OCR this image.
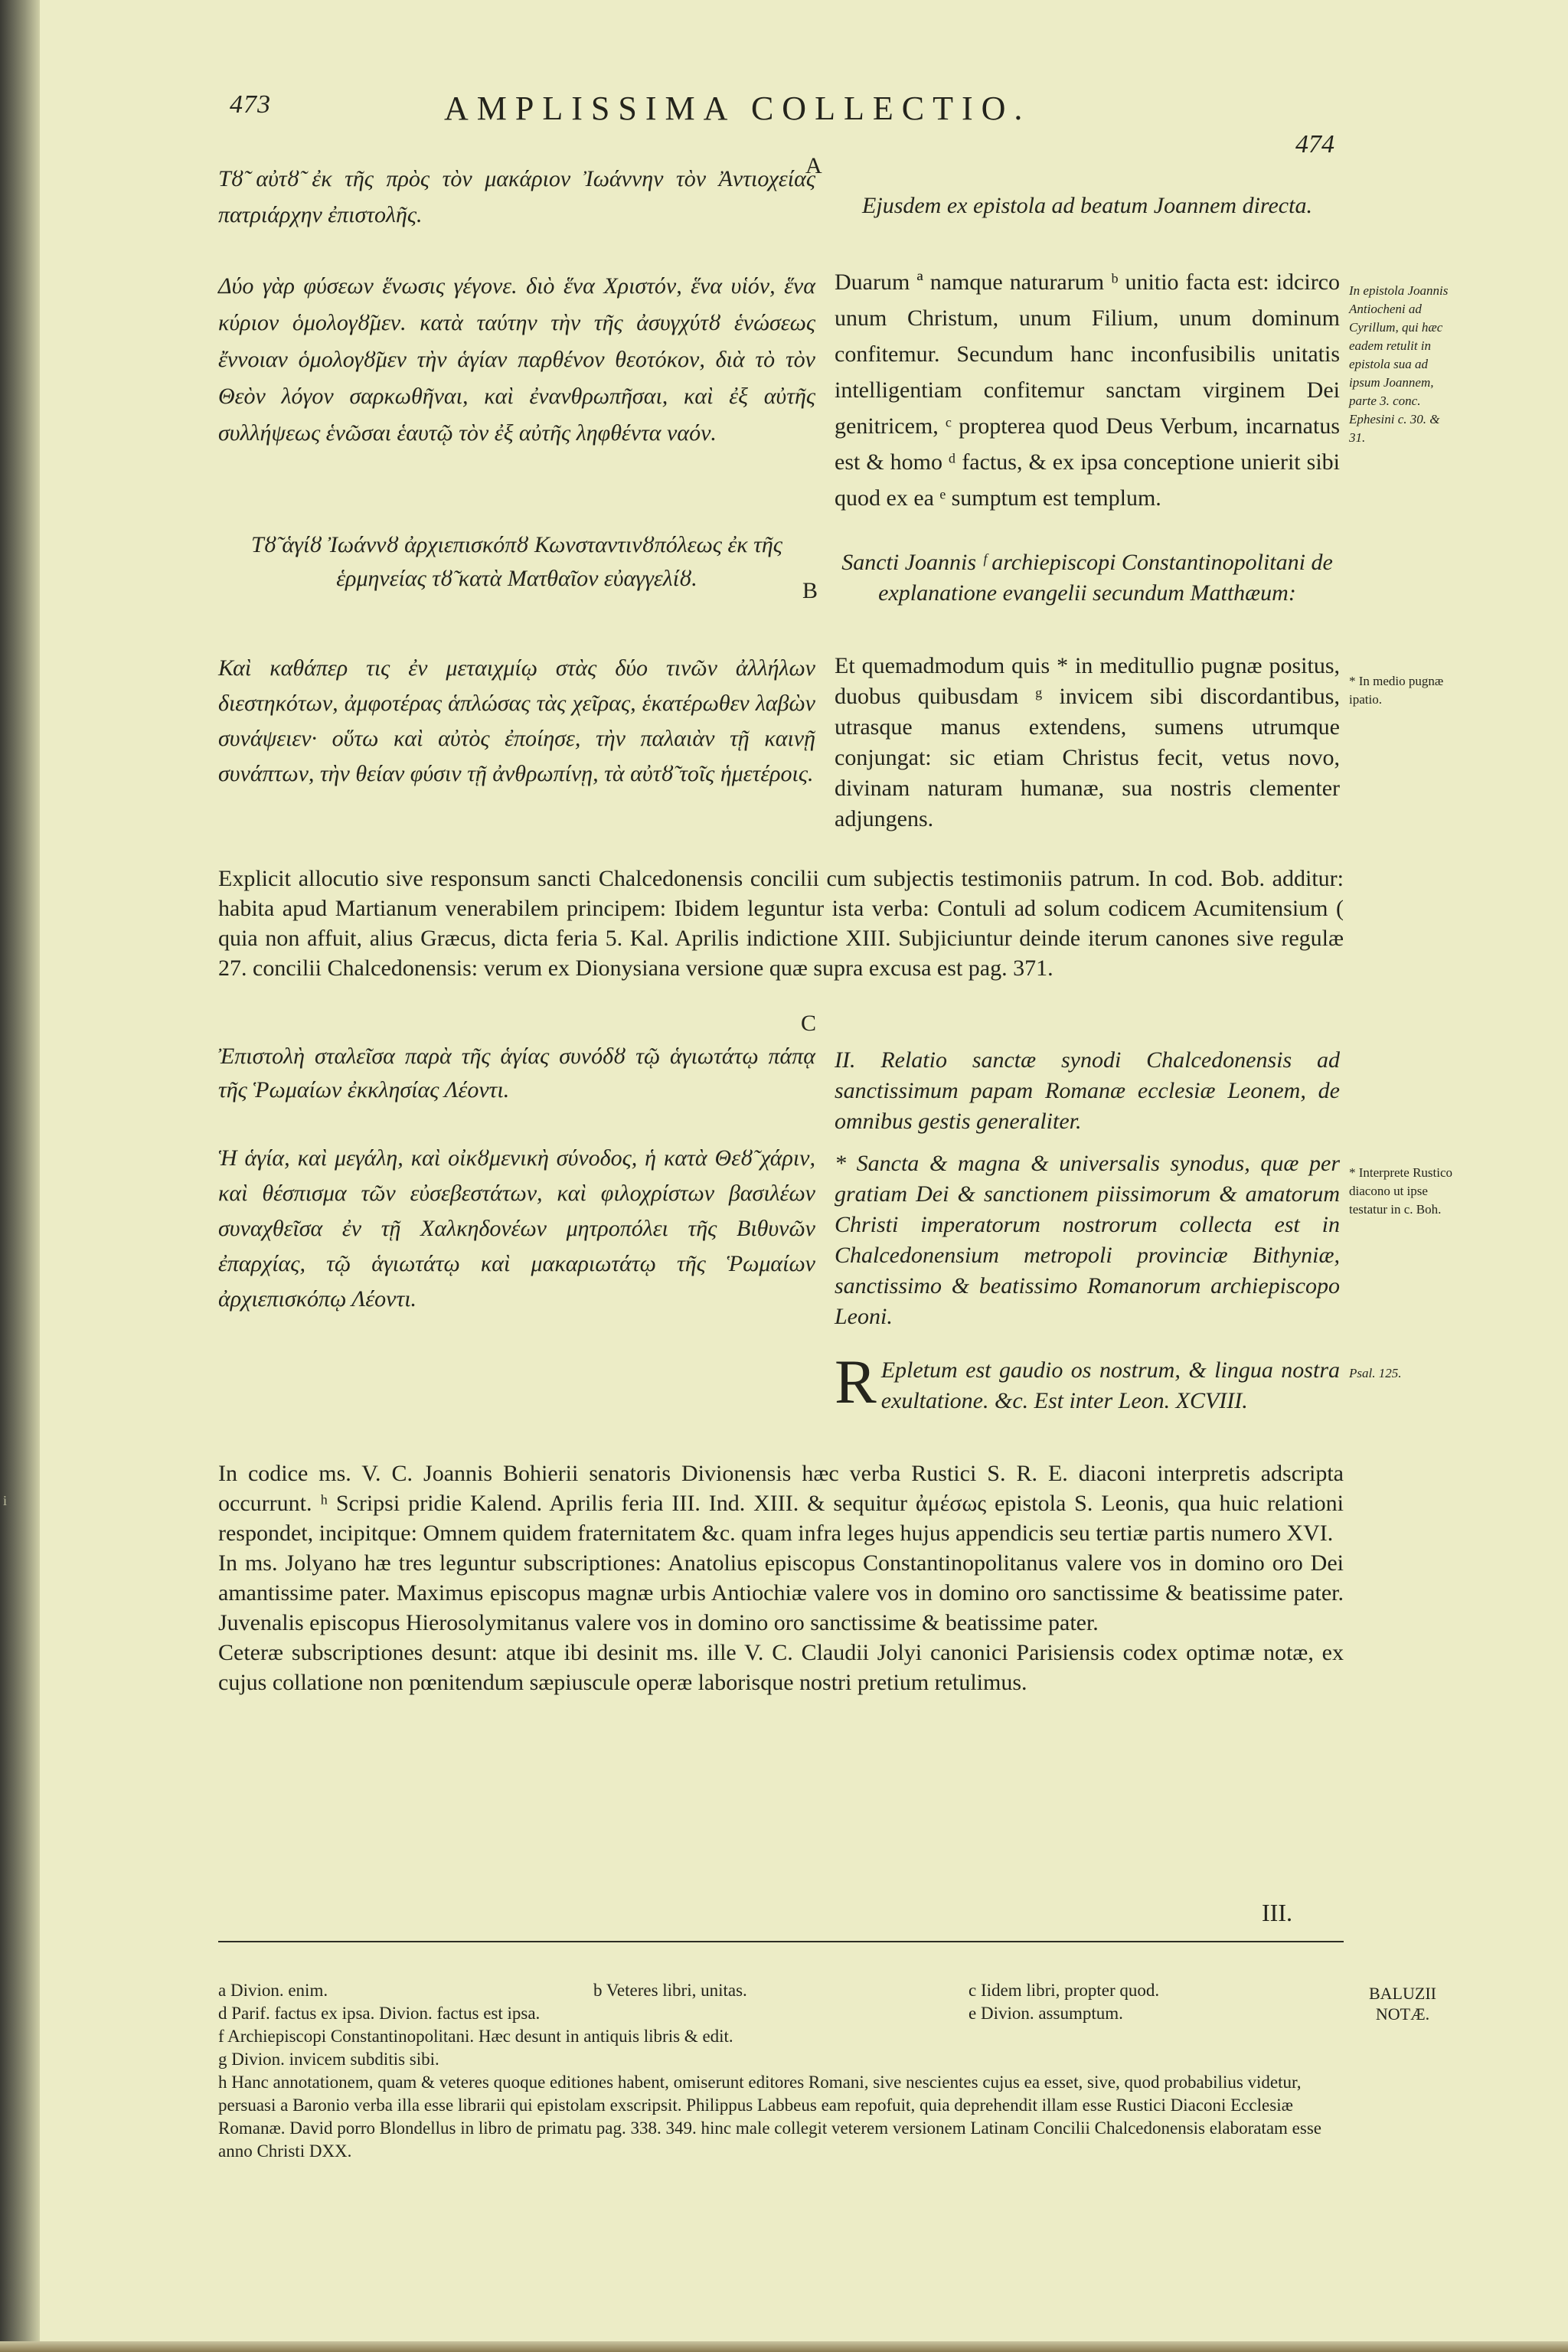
i
473	AMPLISSIMA COLLECTIO.
474
A
Τȣ̃ αὐτȣ̃ ἐκ τῆς πρὸς τὸν μακάριον Ἰωάννην τὸν Ἀντιοχείας πατριάρχην ἐπιστολῆς.	Ejusdem ex epistola ad beatum Joannem directa.
Δύο γὰρ φύσεων ἕνωσις γέγονε. διὸ ἕνα Χριστόν, ἕνα υἱόν, ἕνα κύριον ὁμολογȣ̃μεν. κατὰ ταύτην τὴν τῆς ἀσυγχύτȣ ἑνώσεως ἔννοιαν ὁμολογȣ̃μεν τὴν ἁγίαν παρθένον θεοτόκον, διὰ τὸ τὸν Θεὸν λόγον σαρκωθῆναι, καὶ ἐνανθρωπῆσαι, καὶ ἐξ αὐτῆς συλλήψεως ἑνῶσαι ἑαυτῷ τὸν ἐξ αὐτῆς ληφθέντα ναόν.
Duarum ª namque naturarum ᵇ unitio facta est: idcirco unum Christum, unum Filium, unum dominum confitemur. Secundum hanc inconfusibilis unitatis intelligentiam confitemur sanctam virginem Dei genitricem, ᶜ propterea quod Deus Verbum, incarnatus est & homo ᵈ factus, & ex ipsa conceptione unierit sibi quod ex ea ᵉ sumptum est templum.
In epistola Joannis Antiocheni ad Cyrillum, qui hæc eadem retulit in epistola sua ad ipsum Joannem, parte 3. conc. Ephesini c. 30. & 31.
Τȣ̃ ἁγίȣ Ἰωάννȣ ἀρχιεπισκόπȣ Κωνσταντινȣπόλεως ἐκ τῆς ἑρμηνείας τȣ̃ κατὰ Ματθαῖον εὐαγγελίȣ.	B
Sancti Joannis ᶠ archiepiscopi Constantinopolitani de explanatione evangelii secundum Matthæum:
Καὶ καθάπερ τις ἐν μεταιχμίῳ στὰς δύο τινῶν ἀλλήλων διεστηκότων, ἀμφοτέρας ἁπλώσας τὰς χεῖρας, ἑκατέρωθεν λαβὼν συνάψειεν· οὕτω καὶ αὐτὸς ἐποίησε, τὴν παλαιὰν τῇ καινῇ συνάπτων, τὴν θείαν φύσιν τῇ ἀνθρωπίνῃ, τὰ αὐτȣ̃ τοῖς ἡμετέροις.
Et quemadmodum quis * in meditullio pugnæ positus, duobus quibusdam ᵍ invicem sibi discordantibus, utrasque manus extendens, sumens utrumque conjungat: sic etiam Christus fecit, vetus novo, divinam naturam humanæ, sua nostris clementer adjungens.
* In medio pugnæ ipatio.
Explicit allocutio sive responsum sancti Chalcedonensis concilii cum subjectis testimoniis patrum. In cod. Bob. additur: habita apud Martianum venerabilem principem: Ibidem leguntur ista verba: Contuli ad solum codicem Acumitensium ( quia non affuit, alius Græcus, dicta feria 5. Kal. Aprilis indictione XIII. Subjiciuntur deinde iterum canones sive regulæ 27. concilii Chalcedonensis: verum ex Dionysiana versione quæ supra excusa est pag. 371.
C
Ἐπιστολὴ σταλεῖσα παρὰ τῆς ἁγίας συνόδȣ τῷ ἁγιωτάτῳ πάπᾳ τῆς Ῥωμαίων ἐκκλησίας Λέοντι.
II. Relatio sanctæ synodi Chalcedonensis ad sanctissimum papam Romanæ ecclesiæ Leonem, de omnibus gestis generaliter.
Ἡ ἁγία, καὶ μεγάλη, καὶ οἰκȣμενικὴ σύνοδος, ἡ κατὰ Θεȣ̃ χάριν, καὶ θέσπισμα τῶν εὐσεβεστάτων, καὶ φιλοχρίστων βασιλέων συναχθεῖσα ἐν τῇ Χαλκηδονέων μητροπόλει τῆς Βιθυνῶν ἐπαρχίας, τῷ ἁγιωτάτῳ καὶ μακαριωτάτῳ τῆς Ῥωμαίων ἀρχιεπισκόπῳ Λέοντι.
* Sancta & magna & universalis synodus, quæ per gratiam Dei & sanctionem piissimorum & amatorum Christi imperatorum nostrorum collecta est in Chalcedonensium metropoli provinciæ Bithyniæ, sanctissimo & beatissimo Romanorum archiepiscopo Leoni.
* Interprete Rustico diacono ut ipse testatur in c. Boh.
R Epletum est gaudio os nostrum, & lingua nostra exultatione. &c. Est inter Leon. XCVIII.
Psal. 125.

In codice ms. V. C. Joannis Bohierii senatoris Divionensis hæc verba Rustici S. R. E. diaconi interpretis adscripta occurrunt. ʰ Scripsi pridie Kalend. Aprilis feria III. Ind. XIII. & sequitur ἀμέσως epistola S. Leonis, qua huic relationi respondet, incipitque: Omnem quidem fraternitatem &c. quam infra leges hujus appendicis seu tertiæ partis numero XVI.

In ms. Jolyano hæ tres leguntur subscriptiones: Anatolius episcopus Constantinopolitanus valere vos in domino oro Dei amantissime pater. Maximus episcopus magnæ urbis Antiochiæ valere vos in domino oro sanctissime & beatissime pater. Juvenalis episcopus Hierosolymitanus valere vos in domino oro sanctissime & beatissime pater.

Ceteræ subscriptiones desunt: atque ibi desinit ms. ille V. C. Claudii Jolyi canonici Parisiensis codex optimæ notæ, ex cujus collatione non pœnitendum sæpiuscule operæ laborisque nostri pretium retulimus.

III.
a Divion. enim.	b Veteres libri, unitas.	c Iidem libri, propter quod.
d Parif. factus ex ipsa. Divion. factus est ipsa.	e Divion. assumptum.
f Archiepiscopi Constantinopolitani. Hæc desunt in antiquis libris & edit.
g Divion. invicem subditis sibi.
h Hanc annotationem, quam & veteres quoque editiones habent, omiserunt editores Romani, sive nescientes cujus ea esset, sive, quod probabilius videtur, persuasi a Baronio verba illa esse librarii qui epistolam exscripsit. Philippus Labbeus eam repofuit, quia deprehendit illam esse Rustici Diaconi Ecclesiæ Romanæ. David porro Blondellus in libro de primatu pag. 338. 349. hinc male collegit veterem versionem Latinam Concilii Chalcedonensis elaboratam esse anno Christi DXX.
BALUZII NOTÆ.
